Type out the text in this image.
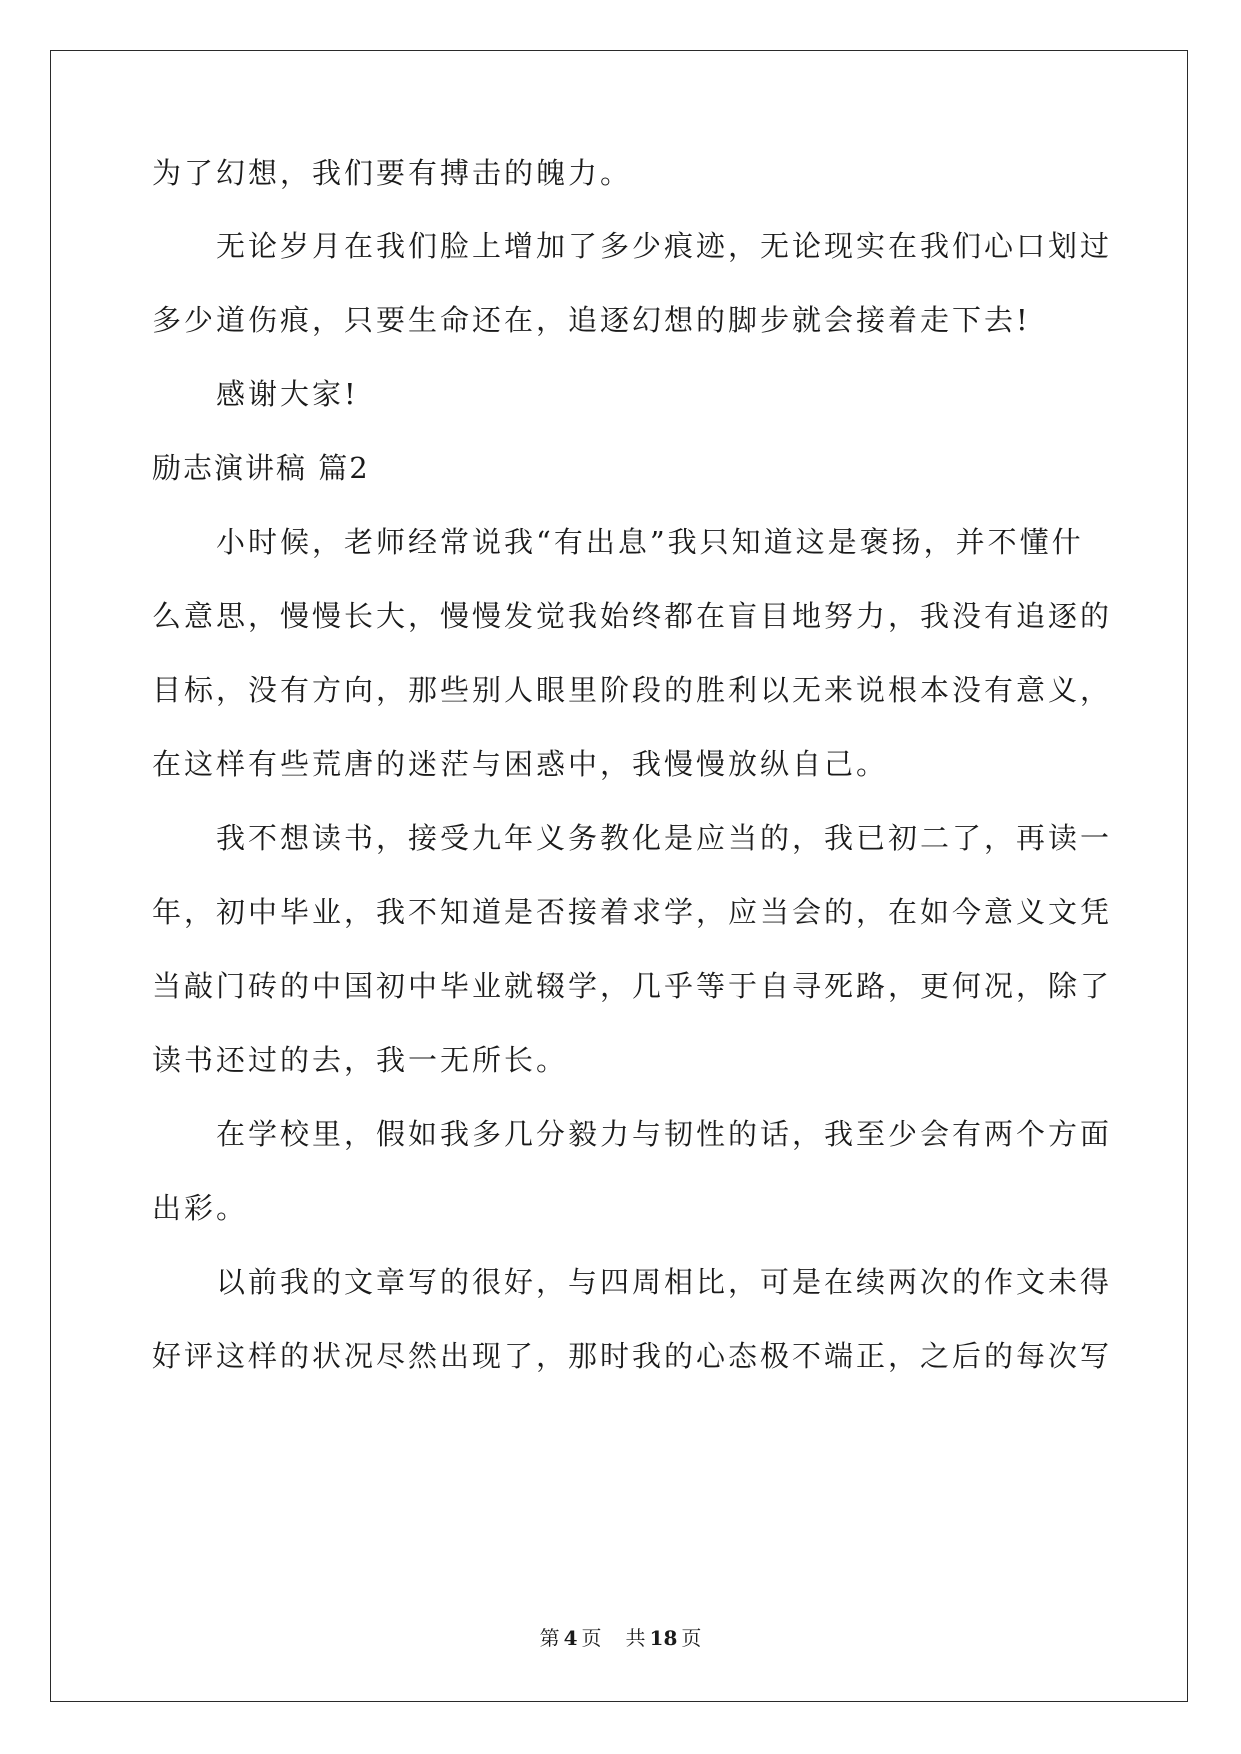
为了幻想，我们要有搏击的魄力。
无论岁月在我们脸上增加了多少痕迹，无论现实在我们心口划过
多少道伤痕，只要生命还在，追逐幻想的脚步就会接着走下去!
感谢大家!
励志演讲稿 篇2
小时候，老师经常说我“有出息”我只知道这是褒扬，并不懂什
么意思，慢慢长大，慢慢发觉我始终都在盲目地努力，我没有追逐的
目标，没有方向，那些别人眼里阶段的胜利以无来说根本没有意义，
在这样有些荒唐的迷茫与困惑中，我慢慢放纵自己。
我不想读书，接受九年义务教化是应当的，我已初二了，再读一
年，初中毕业，我不知道是否接着求学，应当会的，在如今意义文凭
当敲门砖的中国初中毕业就辍学，几乎等于自寻死路，更何况，除了
读书还过的去，我一无所长。
在学校里，假如我多几分毅力与韧性的话，我至少会有两个方面
出彩。
以前我的文章写的很好，与四周相比，可是在续两次的作文未得
好评这样的状况尽然出现了，那时我的心态极不端正，之后的每次写
第 4 页 共 18 页
